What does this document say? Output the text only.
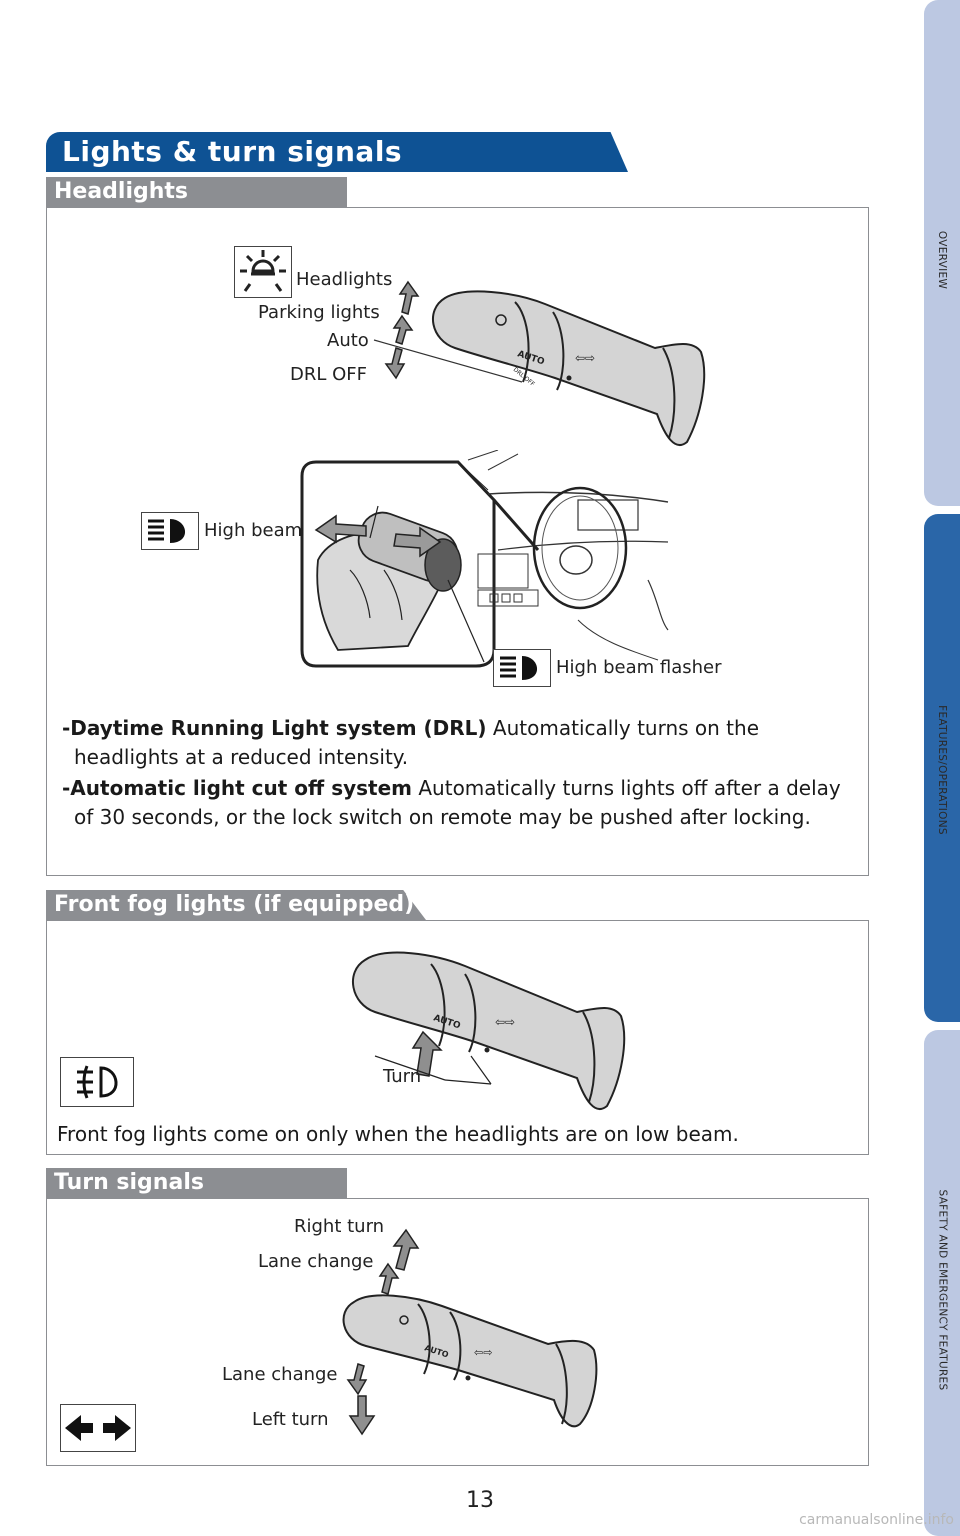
OVERVIEW
FEATURES/OPERATIONS
SAFETY AND EMERGENCY FEATURES
Lights & turn signals
Headlights
Headlights
Parking lights
Auto
DRL OFF
AUTO
DRL OFF
⇦⇨
High beam
High beam flasher
-Daytime Running Light system (DRL) Automatically turns on the headlights at a reduced intensity.
-Automatic light cut off system Automatically turns lights off after a delay of 30 seconds, or the lock switch on remote may be pushed after locking.
Front fog lights (if equipped)
AUTO	⇦⇨
Turn
Front fog lights come on only when the headlights are on low beam.
Turn signals
Right turn
Lane change
Lane change
Left turn
AUTO ⇦⇨
13
carmanualsonline.info
